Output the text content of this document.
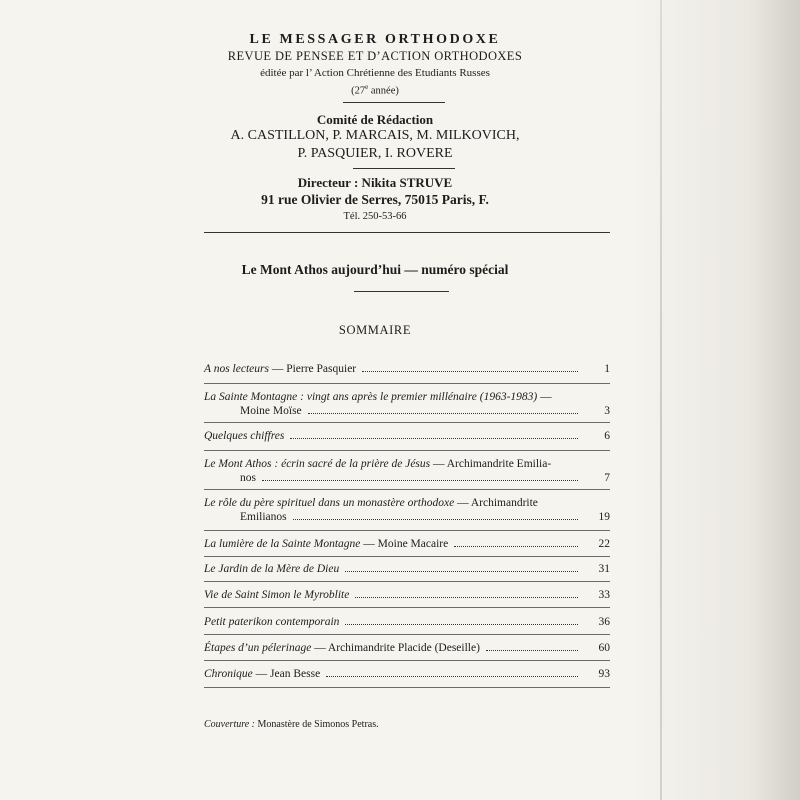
LE MESSAGER ORTHODOXE
REVUE DE PENSEE ET D’ACTION ORTHODOXES
éditée par l’ Action Chrétienne des Etudiants Russes
(27e année)
Comité de Rédaction
A. CASTILLON, P. MARCAIS, M. MILKOVICH,
P. PASQUIER, I. ROVERE
Directeur : Nikita STRUVE
91 rue Olivier de Serres, 75015 Paris, F.
Tél. 250-53-66
Le Mont Athos aujourd’hui — numéro spécial
SOMMAIRE
A nos lecteurs — Pierre Pasquier	1
La Sainte Montagne : vingt ans après le premier millénaire (1963-1983) —
Moine Moïse	3
Quelques chiffres	6
Le Mont Athos : écrin sacré de la prière de Jésus — Archimandrite Emilia-
nos	7
Le rôle du père spirituel dans un monastère orthodoxe — Archimandrite
Emilianos	19
La lumière de la Sainte Montagne — Moine Macaire	22
Le Jardin de la Mère de Dieu	31
Vie de Saint Simon le Myroblite	33
Petit paterikon contemporain	36
Étapes d’un pélerinage — Archimandrite Placide (Deseille)	60
Chronique — Jean Besse	93
Couverture : Monastère de Simonos Petras.
